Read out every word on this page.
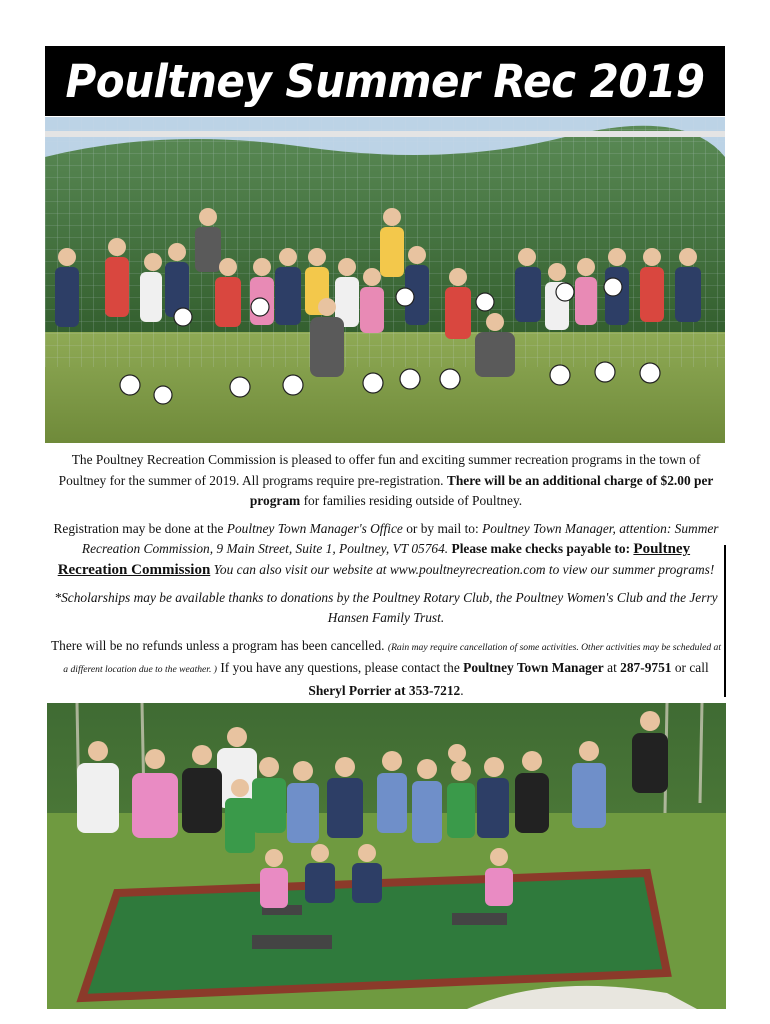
Poultney Summer Rec 2019

The Poultney Recreation Commission is pleased to offer fun and exciting summer recreation programs in the town of Poultney for the summer of 2019. All programs require pre-registration. There will be an additional charge of $2.00 per program for families residing outside of Poultney.

Registration may be done at the Poultney Town Manager's Office or by mail to: Poultney Town Manager, attention: Summer Recreation Commission, 9 Main Street, Suite 1, Poultney, VT 05764. Please make checks payable to: Poultney Recreation Commission You can also visit our website at www.poultneyrecreation.com to view our summer programs!

*Scholarships may be available thanks to donations by the Poultney Rotary Club, the Poultney Women's Club and the Jerry Hansen Family Trust.

There will be no refunds unless a program has been cancelled. (Rain may require cancellation of some activities. Other activities may be scheduled at a different location due to the weather. ) If you have any questions, please contact the Poultney Town Manager at 287-9751 or call Sheryl Porrier at 353-7212.
